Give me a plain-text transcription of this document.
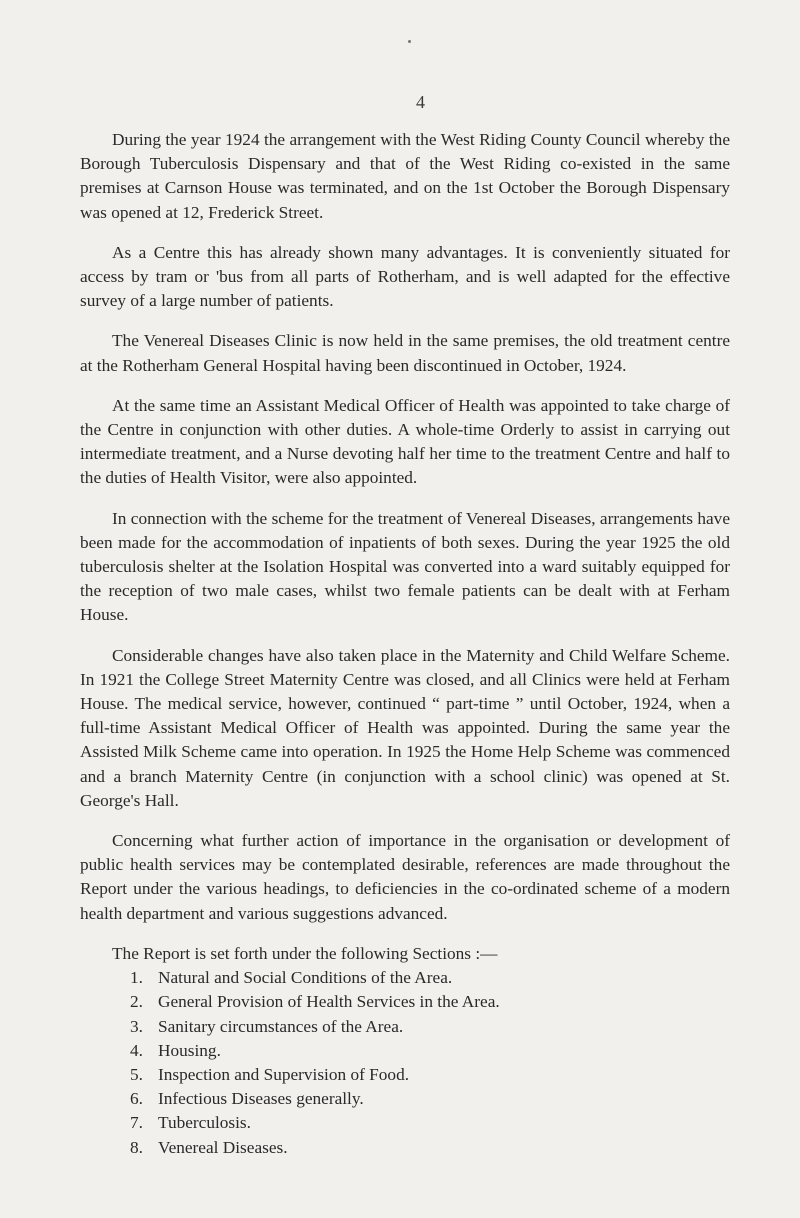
4

During the year 1924 the arrangement with the West Riding County Council whereby the Borough Tuberculosis Dispensary and that of the West Riding co-existed in the same premises at Carnson House was terminated, and on the 1st October the Borough Dispensary was opened at 12, Frederick Street.

As a Centre this has already shown many advantages. It is conveniently situated for access by tram or 'bus from all parts of Rotherham, and is well adapted for the effective survey of a large number of patients.

The Venereal Diseases Clinic is now held in the same premises, the old treatment centre at the Rotherham General Hospital having been discontinued in October, 1924.

At the same time an Assistant Medical Officer of Health was appointed to take charge of the Centre in conjunction with other duties. A whole-time Orderly to assist in carrying out intermediate treatment, and a Nurse devoting half her time to the treatment Centre and half to the duties of Health Visitor, were also appointed.

In connection with the scheme for the treatment of Venereal Diseases, arrangements have been made for the accommodation of inpatients of both sexes. During the year 1925 the old tuberculosis shelter at the Isolation Hospital was converted into a ward suitably equipped for the reception of two male cases, whilst two female patients can be dealt with at Ferham House.

Considerable changes have also taken place in the Maternity and Child Welfare Scheme. In 1921 the College Street Maternity Centre was closed, and all Clinics were held at Ferham House. The medical service, however, continued “ part-time ” until October, 1924, when a full-time Assistant Medical Officer of Health was appointed. During the same year the Assisted Milk Scheme came into operation. In 1925 the Home Help Scheme was commenced and a branch Maternity Centre (in conjunction with a school clinic) was opened at St. George's Hall.

Concerning what further action of importance in the organisation or development of public health services may be contemplated desirable, references are made throughout the Report under the various headings, to deficiencies in the co-ordinated scheme of a modern health department and various suggestions advanced.

The Report is set forth under the following Sections :—

1. Natural and Social Conditions of the Area.
2. General Provision of Health Services in the Area.
3. Sanitary circumstances of the Area.
4. Housing.
5. Inspection and Supervision of Food.
6. Infectious Diseases generally.
7. Tuberculosis.
8. Venereal Diseases.
